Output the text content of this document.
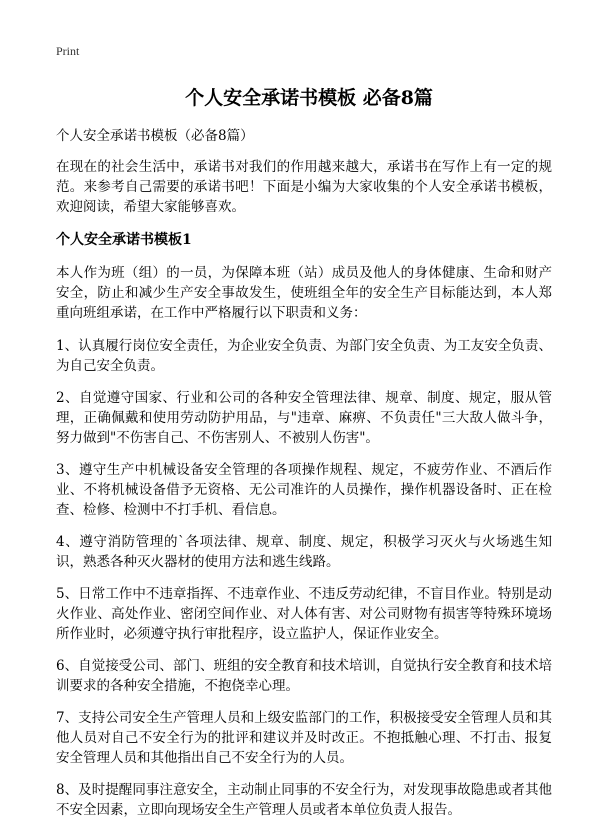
Print
个人安全承诺书模板 必备8篇
个人安全承诺书模板（必备8篇）
在现在的社会生活中，承诺书对我们的作用越来越大，承诺书在写作上有一定的规范。来参考自己需要的承诺书吧！下面是小编为大家收集的个人安全承诺书模板，欢迎阅读，希望大家能够喜欢。
个人安全承诺书模板1
本人作为班（组）的一员，为保障本班（站）成员及他人的身体健康、生命和财产安全，防止和减少生产安全事故发生，使班组全年的安全生产目标能达到，本人郑重向班组承诺，在工作中严格履行以下职责和义务：
1、认真履行岗位安全责任，为企业安全负责、为部门安全负责、为工友安全负责、为自己安全负责。
2、自觉遵守国家、行业和公司的各种安全管理法律、规章、制度、规定，服从管理，正确佩戴和使用劳动防护用品，与"违章、麻痹、不负责任"三大敌人做斗争，努力做到"不伤害自己、不伤害别人、不被别人伤害"。
3、遵守生产中机械设备安全管理的各项操作规程、规定，不疲劳作业、不酒后作业、不将机械设备借予无资格、无公司准许的人员操作，操作机器设备时、正在检查、检修、检测中不打手机、看信息。
4、遵守消防管理的`各项法律、规章、制度、规定，积极学习灭火与火场逃生知识，熟悉各种灭火器材的使用方法和逃生线路。
5、日常工作中不违章指挥、不违章作业、不违反劳动纪律，不盲目作业。特别是动火作业、高处作业、密闭空间作业、对人体有害、对公司财物有损害等特殊环境场所作业时，必须遵守执行审批程序，设立监护人，保证作业安全。
6、自觉接受公司、部门、班组的安全教育和技术培训，自觉执行安全教育和技术培训要求的各种安全措施，不抱侥幸心理。
7、支持公司安全生产管理人员和上级安监部门的工作，积极接受安全管理人员和其他人员对自己不安全行为的批评和建议并及时改正。不抱抵触心理、不打击、报复安全管理人员和其他指出自己不安全行为的人员。
8、及时提醒同事注意安全，主动制止同事的不安全行为，对发现事故隐患或者其他不安全因素，立即向现场安全生产管理人员或者本单位负责人报告。
